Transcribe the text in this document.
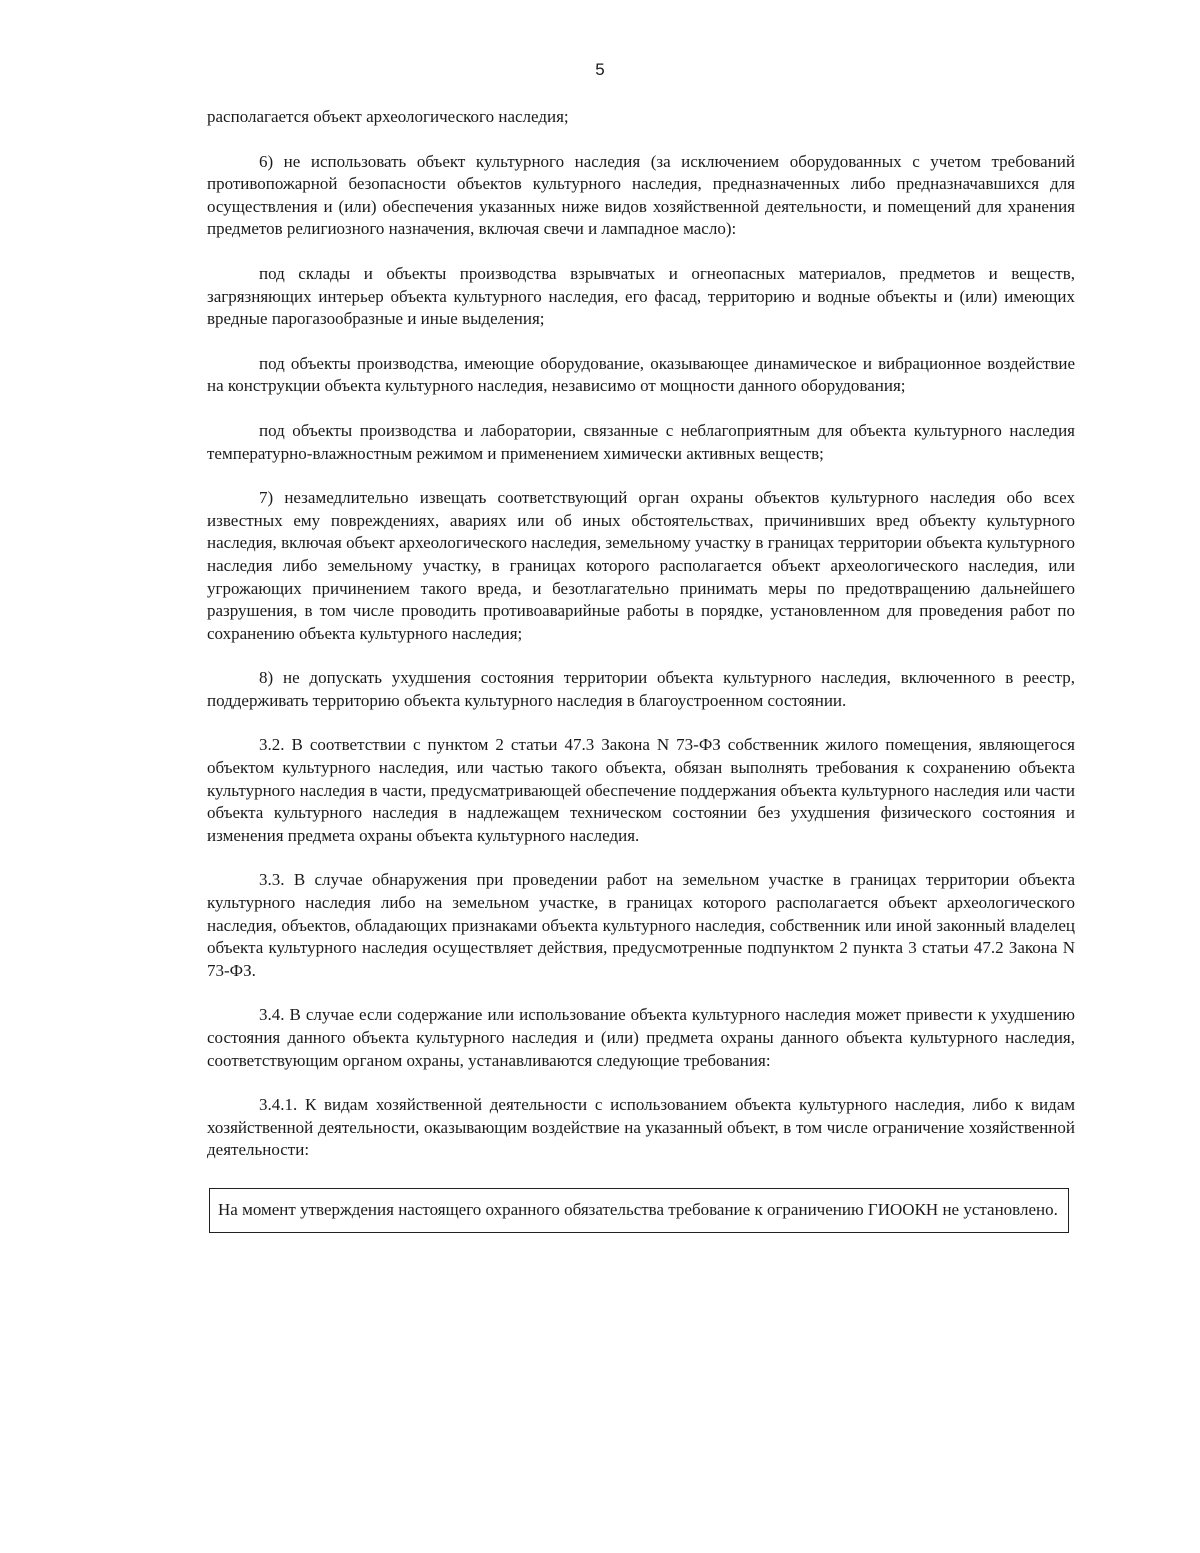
5

располагается объект археологического наследия;

6) не использовать объект культурного наследия (за исключением оборудованных с учетом требований противопожарной безопасности объектов культурного наследия, предназначенных либо предназначавшихся для осуществления и (или) обеспечения указанных ниже видов хозяйственной деятельности, и помещений для хранения предметов религиозного назначения, включая свечи и лампадное масло):

под склады и объекты производства взрывчатых и огнеопасных материалов, предметов и веществ, загрязняющих интерьер объекта культурного наследия, его фасад, территорию и водные объекты и (или) имеющих вредные парогазообразные и иные выделения;

под объекты производства, имеющие оборудование, оказывающее динамическое и вибрационное воздействие на конструкции объекта культурного наследия, независимо от мощности данного оборудования;

под объекты производства и лаборатории, связанные с неблагоприятным для объекта культурного наследия температурно-влажностным режимом и применением химически активных веществ;

7) незамедлительно извещать соответствующий орган охраны объектов культурного наследия обо всех известных ему повреждениях, авариях или об иных обстоятельствах, причинивших вред объекту культурного наследия, включая объект археологического наследия, земельному участку в границах территории объекта культурного наследия либо земельному участку, в границах которого располагается объект археологического наследия, или угрожающих причинением такого вреда, и безотлагательно принимать меры по предотвращению дальнейшего разрушения, в том числе проводить противоаварийные работы в порядке, установленном для проведения работ по сохранению объекта культурного наследия;

8) не допускать ухудшения состояния территории объекта культурного наследия, включенного в реестр, поддерживать территорию объекта культурного наследия в благоустроенном состоянии.

3.2. В соответствии с пунктом 2 статьи 47.3 Закона N 73-ФЗ собственник жилого помещения, являющегося объектом культурного наследия, или частью такого объекта, обязан выполнять требования к сохранению объекта культурного наследия в части, предусматривающей обеспечение поддержания объекта культурного наследия или части объекта культурного наследия в надлежащем техническом состоянии без ухудшения физического состояния и изменения предмета охраны объекта культурного наследия.

3.3. В случае обнаружения при проведении работ на земельном участке в границах территории объекта культурного наследия либо на земельном участке, в границах которого располагается объект археологического наследия, объектов, обладающих признаками объекта культурного наследия, собственник или иной законный владелец объекта культурного наследия осуществляет действия, предусмотренные подпунктом 2 пункта 3 статьи 47.2 Закона N 73-ФЗ.

3.4. В случае если содержание или использование объекта культурного наследия может привести к ухудшению состояния данного объекта культурного наследия и (или) предмета охраны данного объекта культурного наследия, соответствующим органом охраны, устанавливаются следующие требования:

3.4.1. К видам хозяйственной деятельности с использованием объекта культурного наследия, либо к видам хозяйственной деятельности, оказывающим воздействие на указанный объект, в том числе ограничение хозяйственной деятельности:

На момент утверждения настоящего охранного обязательства требование к ограничению ГИООКН не установлено.
